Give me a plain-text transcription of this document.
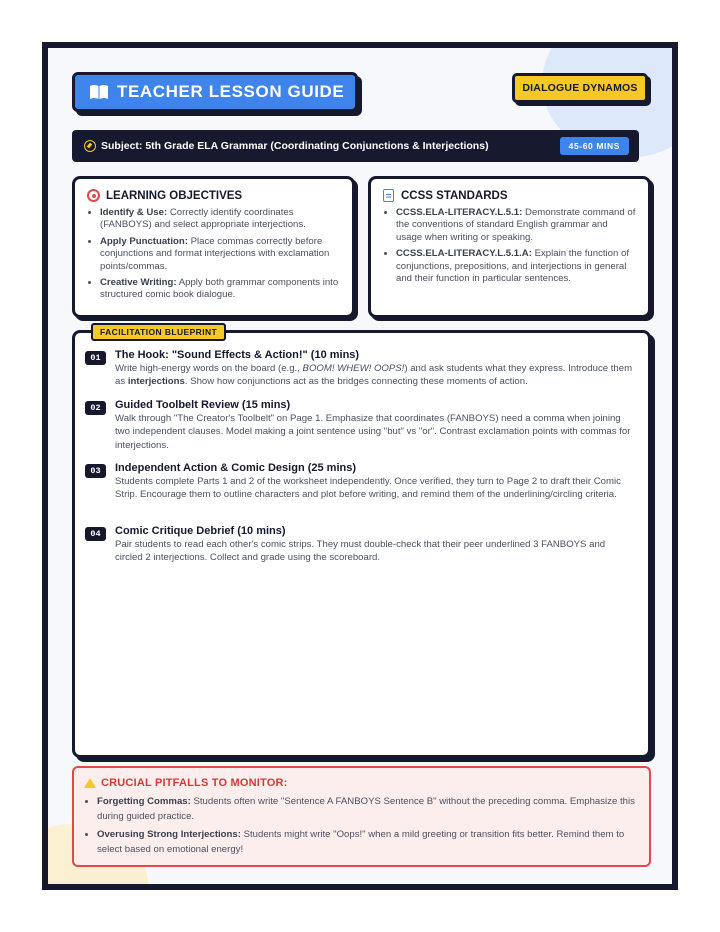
TEACHER LESSON GUIDE	DIALOGUE DYNAMOS
Subject: 5th Grade ELA Grammar (Coordinating Conjunctions & Interjections)	45-60 MINS
LEARNING OBJECTIVES
• Identify & Use: Correctly identify coordinates (FANBOYS) and select appropriate interjections.
• Apply Punctuation: Place commas correctly before conjunctions and format interjections with exclamation points/commas.
• Creative Writing: Apply both grammar components into structured comic book dialogue.
CCSS STANDARDS
• CCSS.ELA-LITERACY.L.5.1: Demonstrate command of the conventions of standard English grammar and usage when writing or speaking.
• CCSS.ELA-LITERACY.L.5.1.A: Explain the function of conjunctions, prepositions, and interjections in general and their function in particular sentences.
FACILITATION BLUEPRINT
01	The Hook: "Sound Effects & Action!" (10 mins)
Write high-energy words on the board (e.g., BOOM! WHEW! OOPS!) and ask students what they express. Introduce them as interjections. Show how conjunctions act as the bridges connecting these moments of action.
02	Guided Toolbelt Review (15 mins)
Walk through "The Creator's Toolbelt" on Page 1. Emphasize that coordinates (FANBOYS) need a comma when joining two independent clauses. Model making a joint sentence using "but" vs "or". Contrast exclamation points with commas for interjections.
03	Independent Action & Comic Design (25 mins)
Students complete Parts 1 and 2 of the worksheet independently. Once verified, they turn to Page 2 to draft their Comic Strip. Encourage them to outline characters and plot before writing, and remind them of the underlining/circling criteria.
04	Comic Critique Debrief (10 mins)
Pair students to read each other's comic strips. They must double-check that their peer underlined 3 FANBOYS and circled 2 interjections. Collect and grade using the scoreboard.
CRUCIAL PITFALLS TO MONITOR:
• Forgetting Commas: Students often write "Sentence A FANBOYS Sentence B" without the preceding comma. Emphasize this during guided practice.
• Overusing Strong Interjections: Students might write "Oops!" when a mild greeting or transition fits better. Remind them to select based on emotional energy!
